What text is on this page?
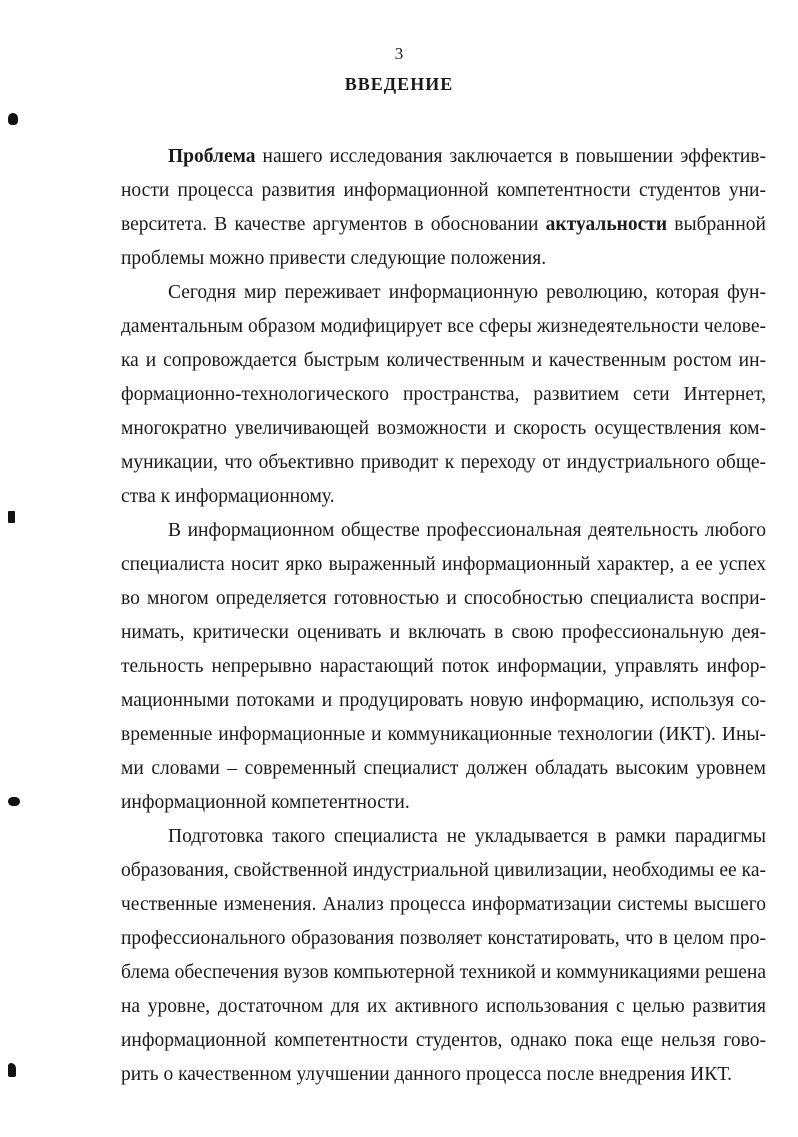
3
ВВЕДЕНИЕ
Проблема нашего исследования заключается в повышении эффектив-
ности процесса развития информационной компетентности студентов уни-
верситета. В качестве аргументов в обосновании актуальности выбранной
проблемы можно привести следующие положения.
Сегодня мир переживает информационную революцию, которая фун-
даментальным образом модифицирует все сферы жизнедеятельности челове-
ка и сопровождается быстрым количественным и качественным ростом ин-
формационно-технологического пространства, развитием сети Интернет,
многократно увеличивающей возможности и скорость осуществления ком-
муникации, что объективно приводит к переходу от индустриального обще-
ства к информационному.
В информационном обществе профессиональная деятельность любого
специалиста носит ярко выраженный информационный характер, а ее успех
во многом определяется готовностью и способностью специалиста воспри-
нимать, критически оценивать и включать в свою профессиональную дея-
тельность непрерывно нарастающий поток информации, управлять инфор-
мационными потоками и продуцировать новую информацию, используя со-
временные информационные и коммуникационные технологии (ИКТ). Ины-
ми словами – современный специалист должен обладать высоким уровнем
информационной компетентности.
Подготовка такого специалиста не укладывается в рамки парадигмы
образования, свойственной индустриальной цивилизации, необходимы ее ка-
чественные изменения. Анализ процесса информатизации системы высшего
профессионального образования позволяет констатировать, что в целом про-
блема обеспечения вузов компьютерной техникой и коммуникациями решена
на уровне, достаточном для их активного использования с целью развития
информационной компетентности студентов, однако пока еще нельзя гово-
рить о качественном улучшении данного процесса после внедрения ИКТ.
